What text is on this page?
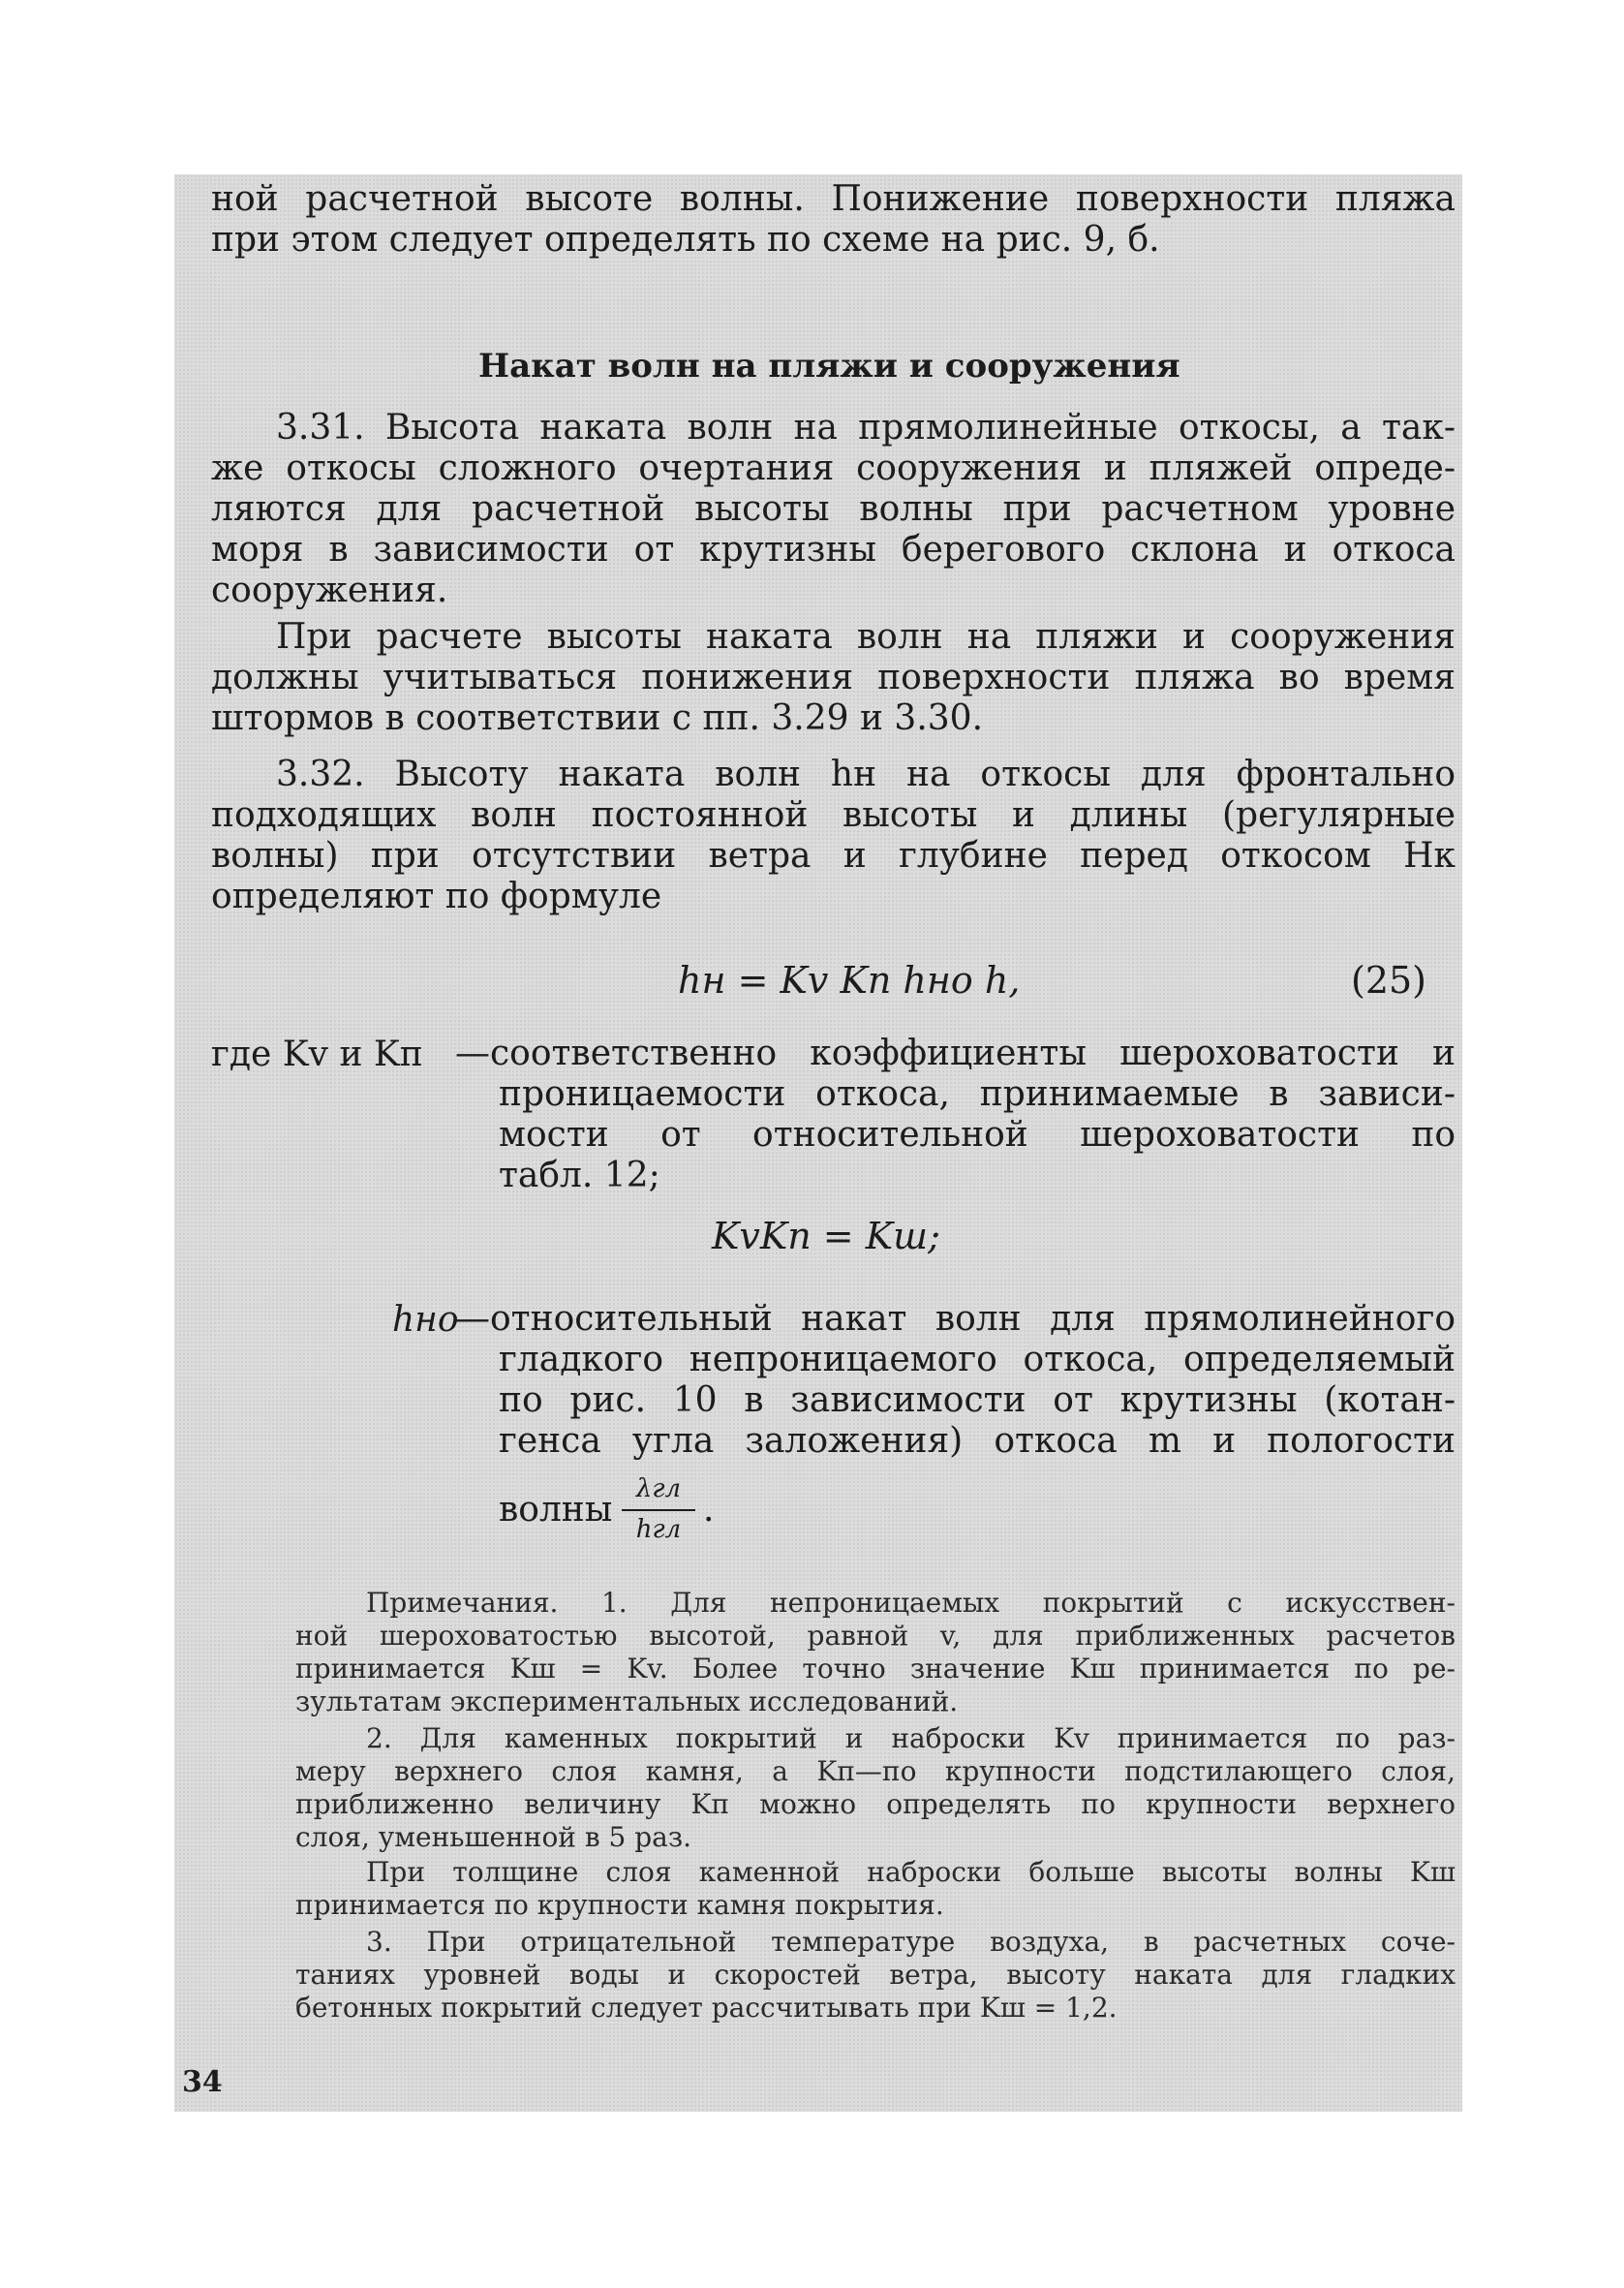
ной расчетной высоте волны. Понижение поверхности пляжа
при этом следует определять по схеме на рис. 9, б.
Накат волн на пляжи и сооружения
3.31. Высота наката волн на прямолинейные откосы, а так-
же откосы сложного очертания сооружения и пляжей опреде-
ляются для расчетной высоты волны при расчетном уровне
моря в зависимости от крутизны берегового склона и откоса
сооружения.
При расчете высоты наката волн на пляжи и сооружения
должны учитываться понижения поверхности пляжа во время
штормов в соответствии с пп. 3.29 и 3.30.
3.32. Высоту наката волн hн на откосы для фронтально
подходящих волн постоянной высоты и длины (регулярные
волны) при отсутствии ветра и глубине перед откосом Hк
определяют по формуле
hн = Kv Kп hно h,	(25)
где Kv и Kп —соответственно коэффициенты шероховатости и
проницаемости откоса, принимаемые в зависи-
мости от относительной шероховатости по
табл. 12;
KvKп = Kш;
hно
—относительный накат волн для прямолинейного
гладкого непроницаемого откоса, определяемый
по рис. 10 в зависимости от крутизны (котан-
генса угла заложения) откоса m и пологости
волны
λгл
hгл .
Примечания. 1. Для непроницаемых покрытий с искусствен-
ной шероховатостью высотой, равной v, для приближенных расчетов
принимается Kш = Kv. Более точно значение Kш принимается по ре-
зультатам экспериментальных исследований.
2. Для каменных покрытий и наброски Kv принимается по раз-
меру верхнего слоя камня, а Kп—по крупности подстилающего слоя,
приближенно величину Kп можно определять по крупности верхнего
слоя, уменьшенной в 5 раз.
При толщине слоя каменной наброски больше высоты волны Kш
принимается по крупности камня покрытия.
3. При отрицательной температуре воздуха, в расчетных соче-
таниях уровней воды и скоростей ветра, высоту наката для гладких
бетонных покрытий следует рассчитывать при Kш = 1,2.
34
